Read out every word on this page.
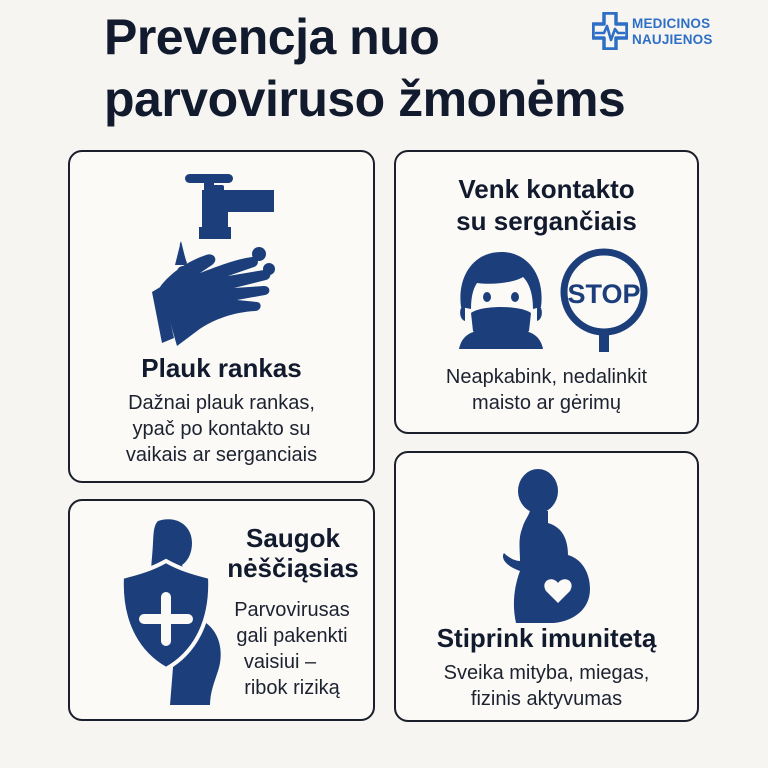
Prevencja nuo
parvoviruso žmonėms
MEDICINOS
NAUJIENOS

Plauk rankas

Dažnai plauk rankas,

ypač po kontakto su

vaikais ar serganciais

Venk kontakto

su sergančiais

STOP

Neapkabink, nedalinkit

maisto ar gėrimų

Saugok

nėščiąsias

Parvovirusas

gali pakenkti

vaisiui –

ribok riziką

Stiprink imunitetą

Sveika mityba, miegas,

fizinis aktyvumas
